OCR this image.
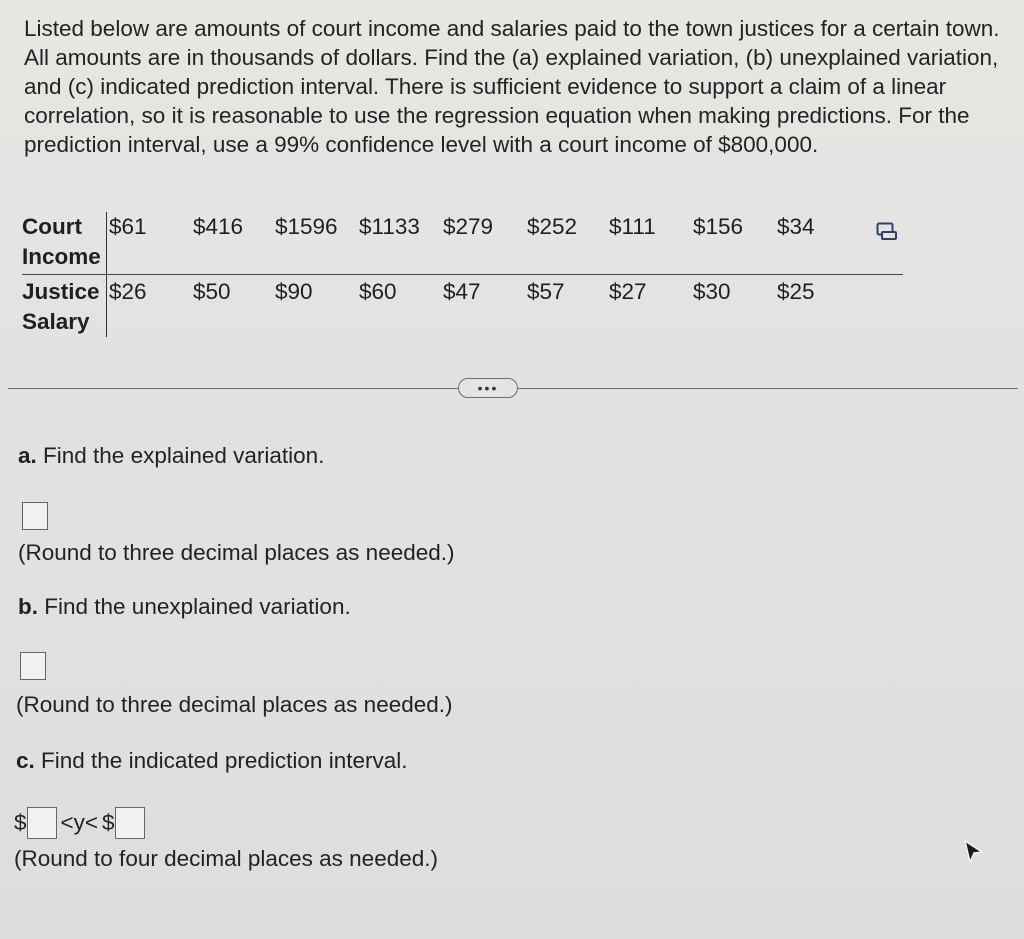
Listed below are amounts of court income and salaries paid to the town justices for a certain town. All amounts are in thousands of dollars. Find the (a) explained variation, (b) unexplained variation, and (c) indicated prediction interval. There is sufficient evidence to support a claim of a linear correlation, so it is reasonable to use the regression equation when making predictions. For the prediction interval, use a 99% confidence level with a court income of $800,000.
Court
Income	$61 $416 $1596 $1133 $279 $252 $111 $156 $34

Justice
Salary	$26 $50 $90 $60 $47 $57 $27 $30 $25
•••
a. Find the explained variation.
(Round to three decimal places as needed.)
b. Find the unexplained variation.
(Round to three decimal places as needed.)
c. Find the indicated prediction interval.
$ <y< $
(Round to four decimal places as needed.)
